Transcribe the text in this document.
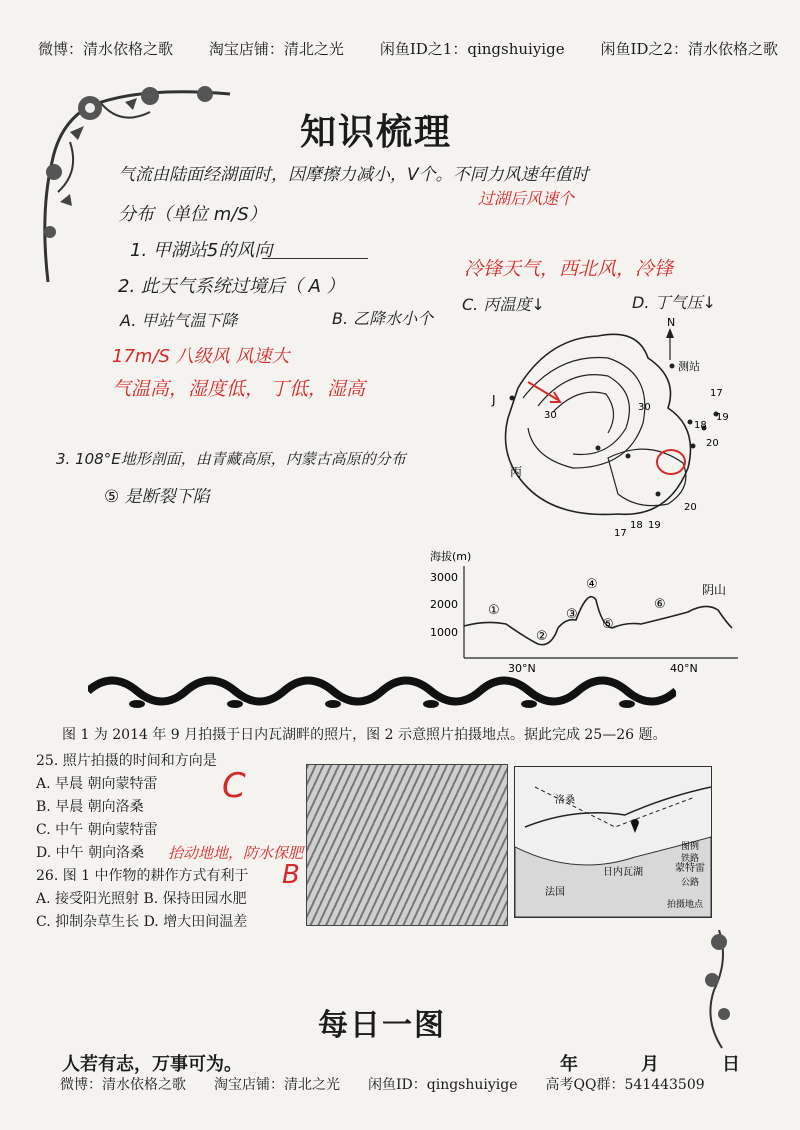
微博：清水依格之歌 淘宝店铺：清北之光 闲鱼ID之1：qingshuiyige 闲鱼ID之2：清水依格之歌
知识梳理
气流由陆面经湖面时，因摩擦力减小，V个。不同力风速年值时
过湖后风速个
分布（单位 m/S）
1. 甲湖站5的风向
2. 此天气系统过境后（ A ）
冷锋天气，西北风，冷锋
C. 丙温度↓	D. 丁气压↓
A. 甲站气温下降	B. 乙降水小个
17m/S 八级风 风速大
气温高，湿度低， 丁低，湿高
3. 108°E地形剖面，由青藏高原，内蒙古高原的分布
⑤ 是断裂下陷
N
测站
J
丙
30
30
17
18
19
20
17
18 19
20
海拔(m)
3000
2000
1000
30°N	40°N
①
②
③
④
⑤
⑥
阴山
图 1 为 2014 年 9 月拍摄于日内瓦湖畔的照片，图 2 示意照片拍摄地点。据此完成 25—26 题。
25. 照片拍摄的时间和方向是
A. 早晨 朝向蒙特雷
B. 早晨 朝向洛桑
C. 中午 朝向蒙特雷
D. 中午 朝向洛桑
26. 图 1 中作物的耕作方式有利于
A. 接受阳光照射 B. 保持田园水肥
C. 抑制杂草生长 D. 增大田间温差
C
抬动地地，防水保肥
B
洛桑
日内瓦湖
法国
蒙特雷
图例
铁路
公路
拍摄地点
每日一图
人若有志，万事可为。	年	月	日
微博：清水依格之歌 淘宝店铺：清北之光 闲鱼ID：qingshuiyige 高考QQ群：541443509
